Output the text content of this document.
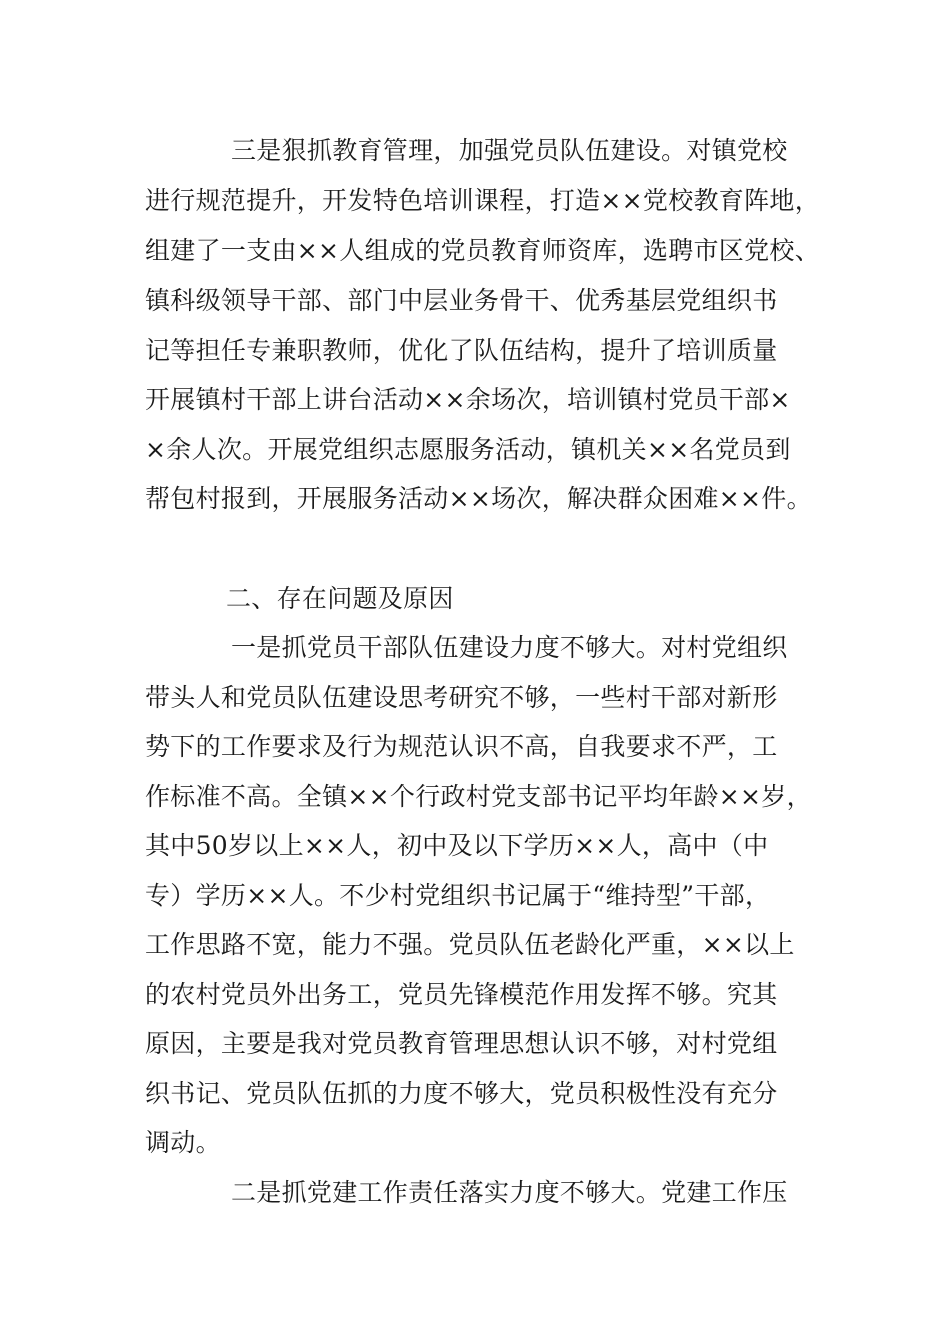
三是狠抓教育管理，加强党员队伍建设。对镇党校
进行规范提升，开发特色培训课程，打造××党校教育阵地，
组建了一支由××人组成的党员教育师资库，选聘市区党校、
镇科级领导干部、部门中层业务骨干、优秀基层党组织书
记等担任专兼职教师，优化了队伍结构，提升了培训质量
开展镇村干部上讲台活动××余场次，培训镇村党员干部×
×余人次。开展党组织志愿服务活动，镇机关××名党员到
帮包村报到，开展服务活动××场次，解决群众困难××件。
二、存在问题及原因
一是抓党员干部队伍建设力度不够大。对村党组织
带头人和党员队伍建设思考研究不够，一些村干部对新形
势下的工作要求及行为规范认识不高，自我要求不严，工
作标准不高。全镇××个行政村党支部书记平均年龄××岁，
其中50岁以上××人，初中及以下学历××人，高中（中
专）学历××人。不少村党组织书记属于“维持型”干部，
工作思路不宽，能力不强。党员队伍老龄化严重，××以上
的农村党员外出务工，党员先锋模范作用发挥不够。究其
原因，主要是我对党员教育管理思想认识不够，对村党组
织书记、党员队伍抓的力度不够大，党员积极性没有充分
调动。
二是抓党建工作责任落实力度不够大。党建工作压
